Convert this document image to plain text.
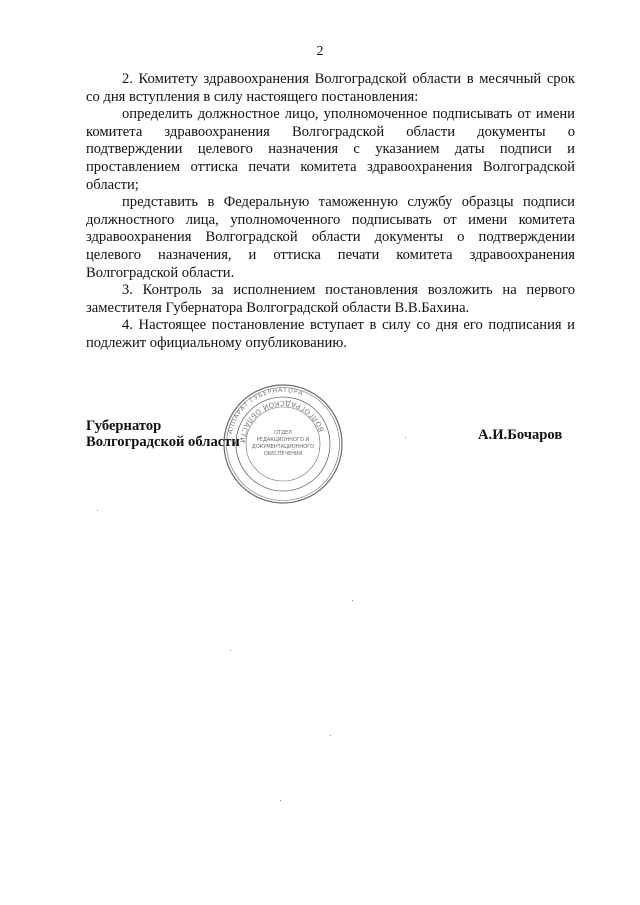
2

2. Комитету здравоохранения Волгоградской области в месячный срок со дня вступления в силу настоящего постановления:

определить должностное лицо, уполномоченное подписывать от имени комитета здравоохранения Волгоградской области документы о подтверждении целевого назначения с указанием даты подписи и проставлением оттиска печати комитета здравоохранения Волгоградской области;

представить в Федеральную таможенную службу образцы подписи должностного лица, уполномоченного подписывать от имени комитета здравоохранения Волгоградской области документы о подтверждении целевого назначения, и оттиска печати комитета здравоохранения Волгоградской области.

3. Контроль за исполнением постановления возложить на первого заместителя Губернатора Волгоградской области В.В.Бахина.

4. Настоящее постановление вступает в силу со дня его подписания и подлежит официальному опубликованию.

Губернатор
Волгоградской области	А.И.Бочаров
АППАРАТ ГУБЕРНАТОРА
ВОЛГОГРАДСКОЙ ОБЛАСТИ
ОТДЕЛ
РЕДАКЦИОННОГО И
ДОКУМЕНТАЦИОННОГО
ОБЕСПЕЧЕНИЯ
